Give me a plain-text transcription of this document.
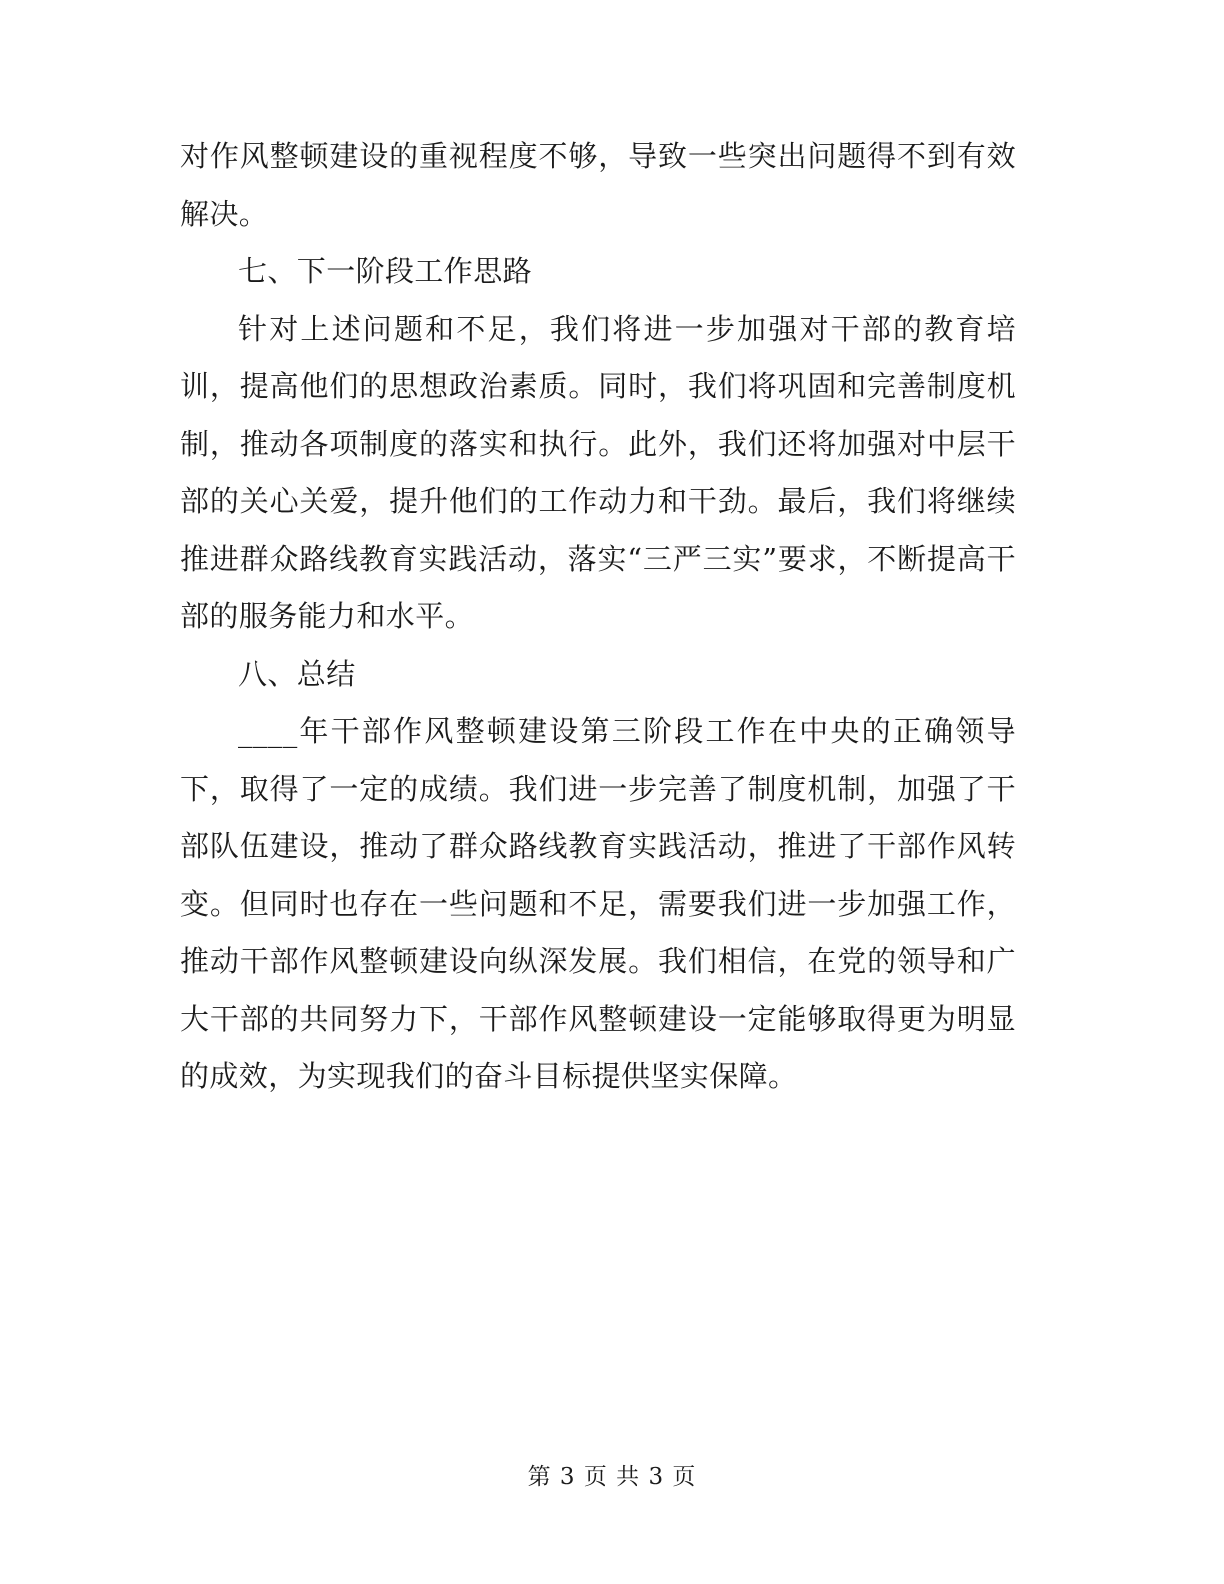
对作风整顿建设的重视程度不够，导致一些突出问题得不到有效解决。

七、下一阶段工作思路

针对上述问题和不足，我们将进一步加强对干部的教育培训，提高他们的思想政治素质。同时，我们将巩固和完善制度机制，推动各项制度的落实和执行。此外，我们还将加强对中层干部的关心关爱，提升他们的工作动力和干劲。最后，我们将继续推进群众路线教育实践活动，落实“三严三实”要求，不断提高干部的服务能力和水平。

八、总结

____年干部作风整顿建设第三阶段工作在中央的正确领导下，取得了一定的成绩。我们进一步完善了制度机制，加强了干部队伍建设，推动了群众路线教育实践活动，推进了干部作风转变。但同时也存在一些问题和不足，需要我们进一步加强工作，推动干部作风整顿建设向纵深发展。我们相信，在党的领导和广大干部的共同努力下，干部作风整顿建设一定能够取得更为明显的成效，为实现我们的奋斗目标提供坚实保障。

第 3 页 共 3 页
